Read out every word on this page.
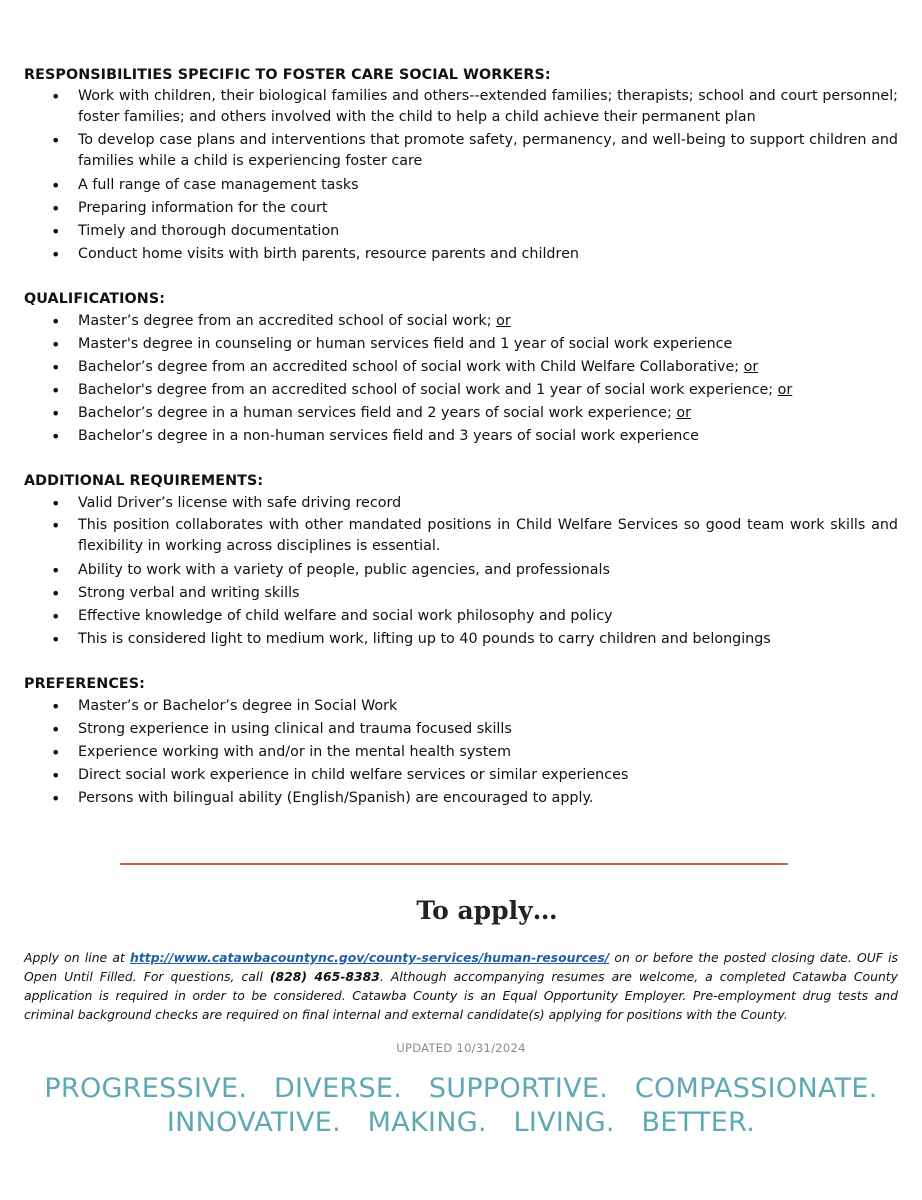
RESPONSIBILITIES SPECIFIC TO FOSTER CARE SOCIAL WORKERS:

• Work with children, their biological families and others--extended families; therapists; school and court personnel; foster families; and others involved with the child to help a child achieve their permanent plan
• To develop case plans and interventions that promote safety, permanency, and well-being to support children and families while a child is experiencing foster care
• A full range of case management tasks
• Preparing information for the court
• Timely and thorough documentation
• Conduct home visits with birth parents, resource parents and children

QUALIFICATIONS:

• Master’s degree from an accredited school of social work; or
• Master's degree in counseling or human services field and 1 year of social work experience
• Bachelor’s degree from an accredited school of social work with Child Welfare Collaborative; or
• Bachelor's degree from an accredited school of social work and 1 year of social work experience; or
• Bachelor’s degree in a human services field and 2 years of social work experience; or
• Bachelor’s degree in a non-human services field and 3 years of social work experience

ADDITIONAL REQUIREMENTS:

• Valid Driver’s license with safe driving record
• This position collaborates with other mandated positions in Child Welfare Services so good team work skills and flexibility in working across disciplines is essential.
• Ability to work with a variety of people, public agencies, and professionals
• Strong verbal and writing skills
• Effective knowledge of child welfare and social work philosophy and policy
• This is considered light to medium work, lifting up to 40 pounds to carry children and belongings

PREFERENCES:

• Master’s or Bachelor’s degree in Social Work
• Strong experience in using clinical and trauma focused skills
• Experience working with and/or in the mental health system
• Direct social work experience in child welfare services or similar experiences
• Persons with bilingual ability (English/Spanish) are encouraged to apply.
To apply…
Apply on line at http://www.catawbacountync.gov/county-services/human-resources/ on or before the posted closing date. OUF is Open Until Filled. For questions, call (828) 465-8383. Although accompanying resumes are welcome, a completed Catawba County application is required in order to be considered. Catawba County is an Equal Opportunity Employer. Pre-employment drug tests and criminal background checks are required on final internal and external candidate(s) applying for positions with the County.
UPDATED 10/31/2024
PROGRESSIVE.   DIVERSE.   SUPPORTIVE.   COMPASSIONATE.
INNOVATIVE.   MAKING.   LIVING.   BETTER.
